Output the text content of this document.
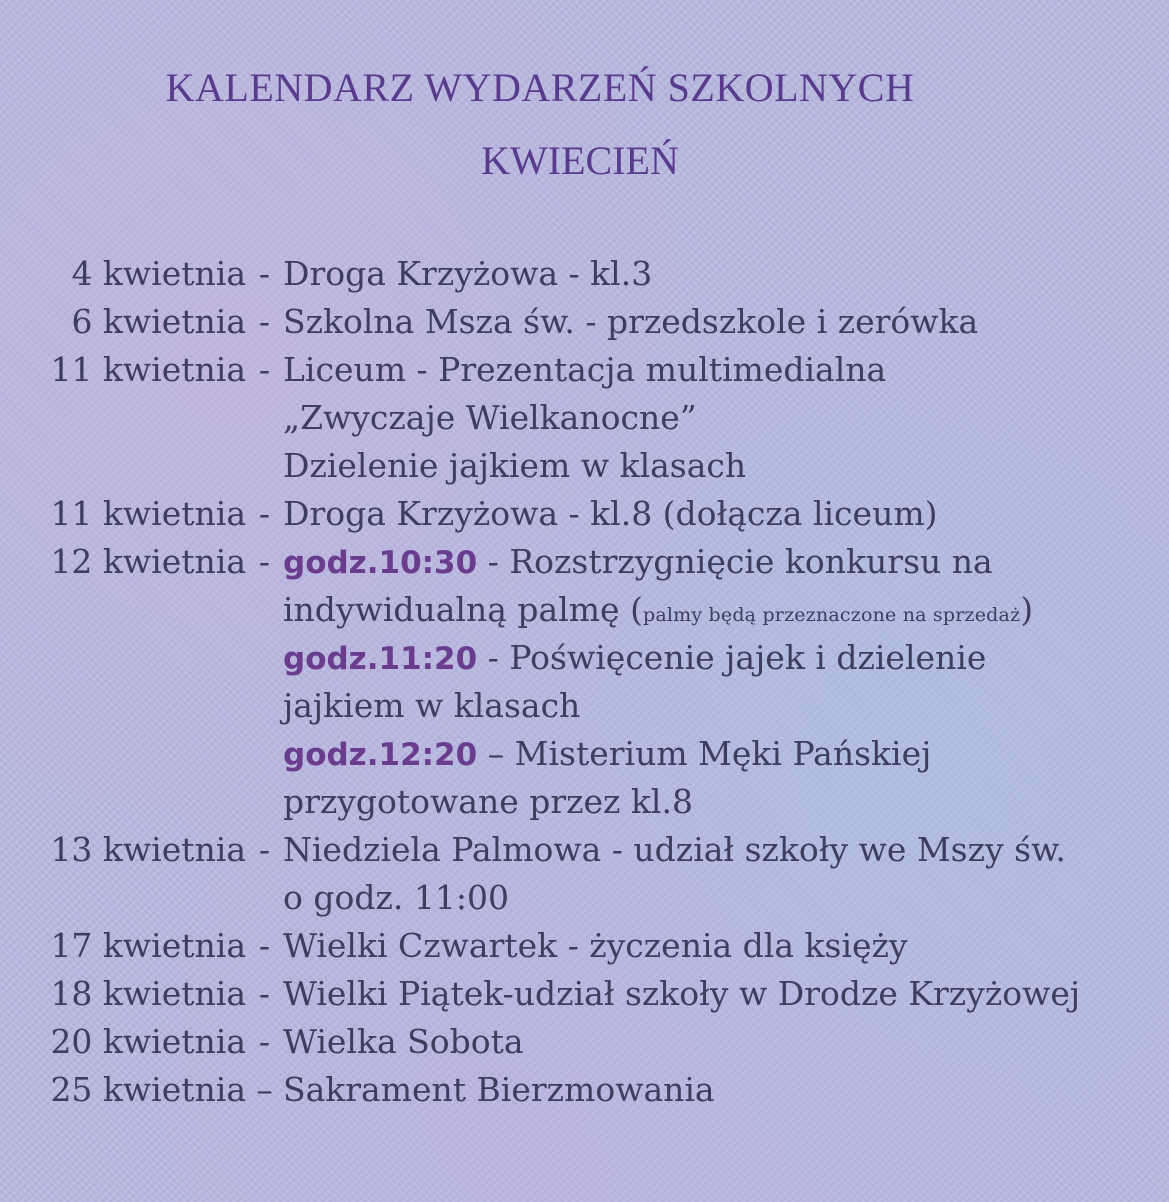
KALENDARZ WYDARZEŃ SZKOLNYCH
KWIECIEŃ
4 kwietnia - Droga Krzyżowa - kl.3
6 kwietnia - Szkolna Msza św. - przedszkole i zerówka
11 kwietnia - Liceum - Prezentacja multimedialna
„Zwyczaje Wielkanocne”
Dzielenie jajkiem w klasach
11 kwietnia - Droga Krzyżowa - kl.8 (dołącza liceum)
12 kwietnia - godz.10:30 - Rozstrzygnięcie konkursu na
indywidualną palmę (palmy będą przeznaczone na sprzedaż)
godz.11:20 - Poświęcenie jajek i dzielenie
jajkiem w klasach
godz.12:20 – Misterium Męki Pańskiej
przygotowane przez kl.8
13 kwietnia - Niedziela Palmowa - udział szkoły we Mszy św.
o godz. 11:00
17 kwietnia - Wielki Czwartek - życzenia dla księży
18 kwietnia - Wielki Piątek-udział szkoły w Drodze Krzyżowej
20 kwietnia - Wielka Sobota
25 kwietnia – Sakrament Bierzmowania
